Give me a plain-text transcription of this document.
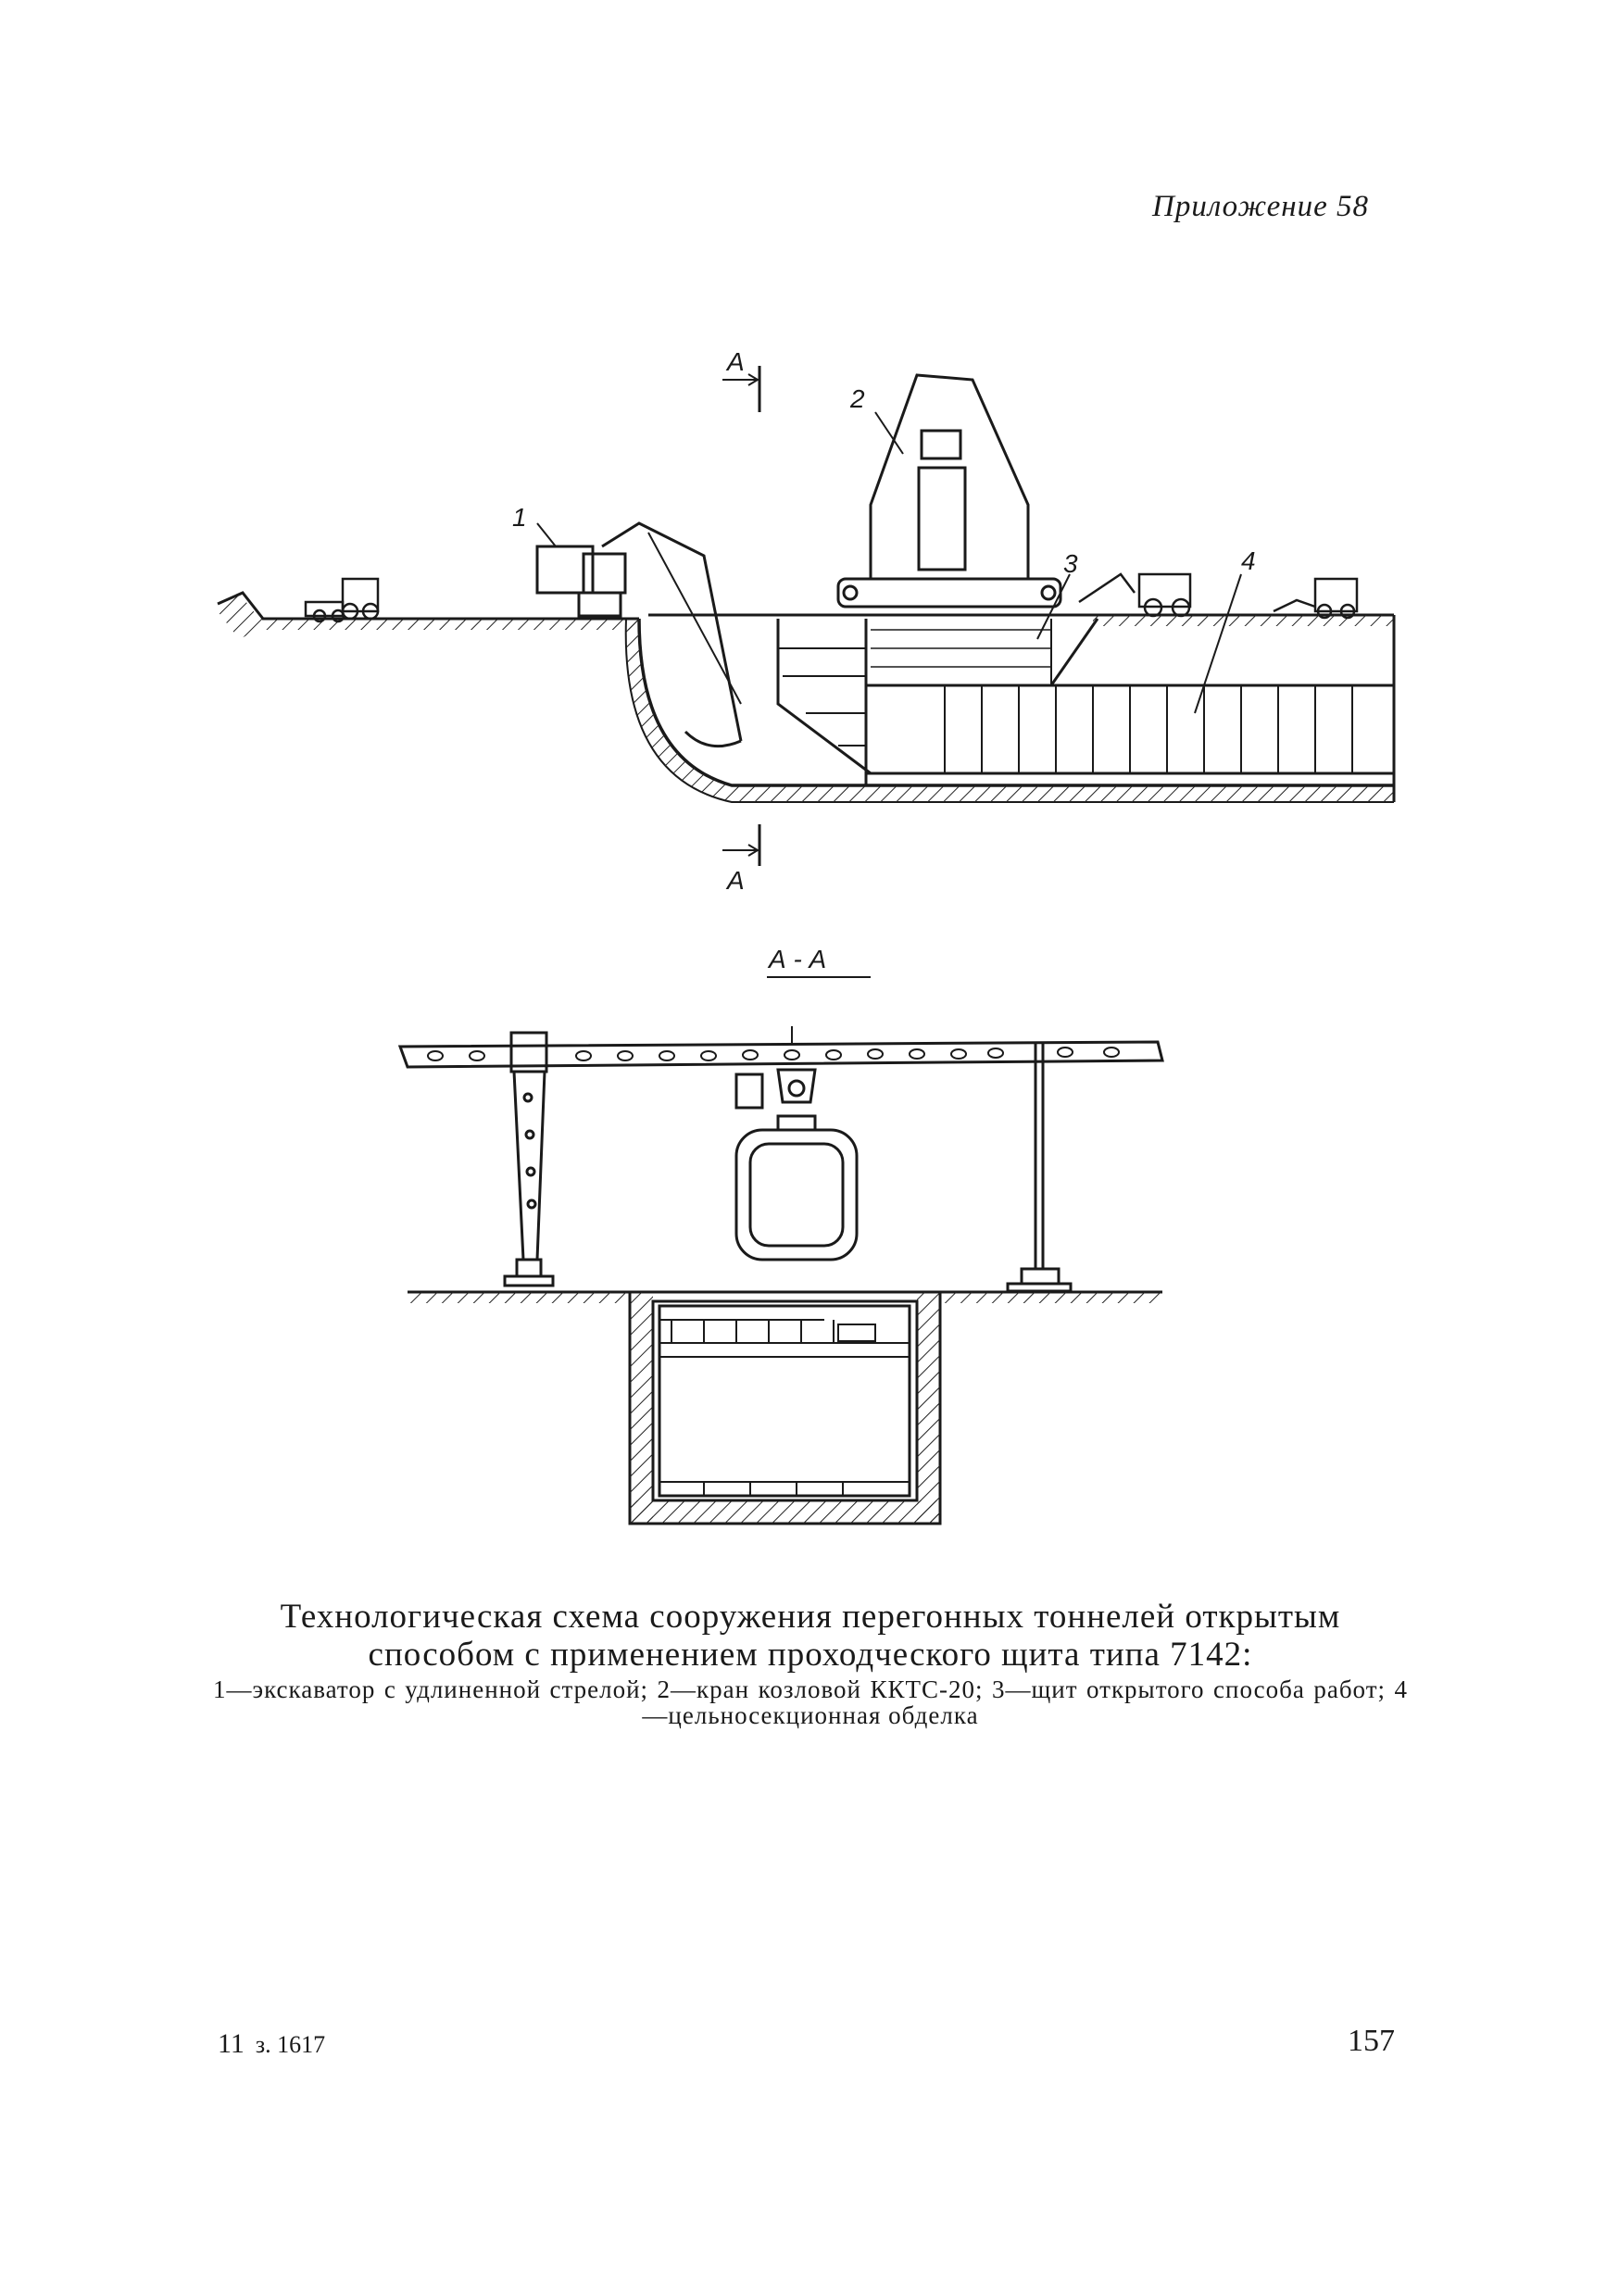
Приложение 58
А
А
1
2
3	4
А - А
Технологическая схема сооружения перегонных тоннелей открытым
способом с применением проходческого щита типа 7142:
1—экскаватор с удлиненной стрелой; 2—кран козловой ККТС-20; 3—щит открытого способа работ; 4—цельносекционная обделка
11 з. 1617	157
